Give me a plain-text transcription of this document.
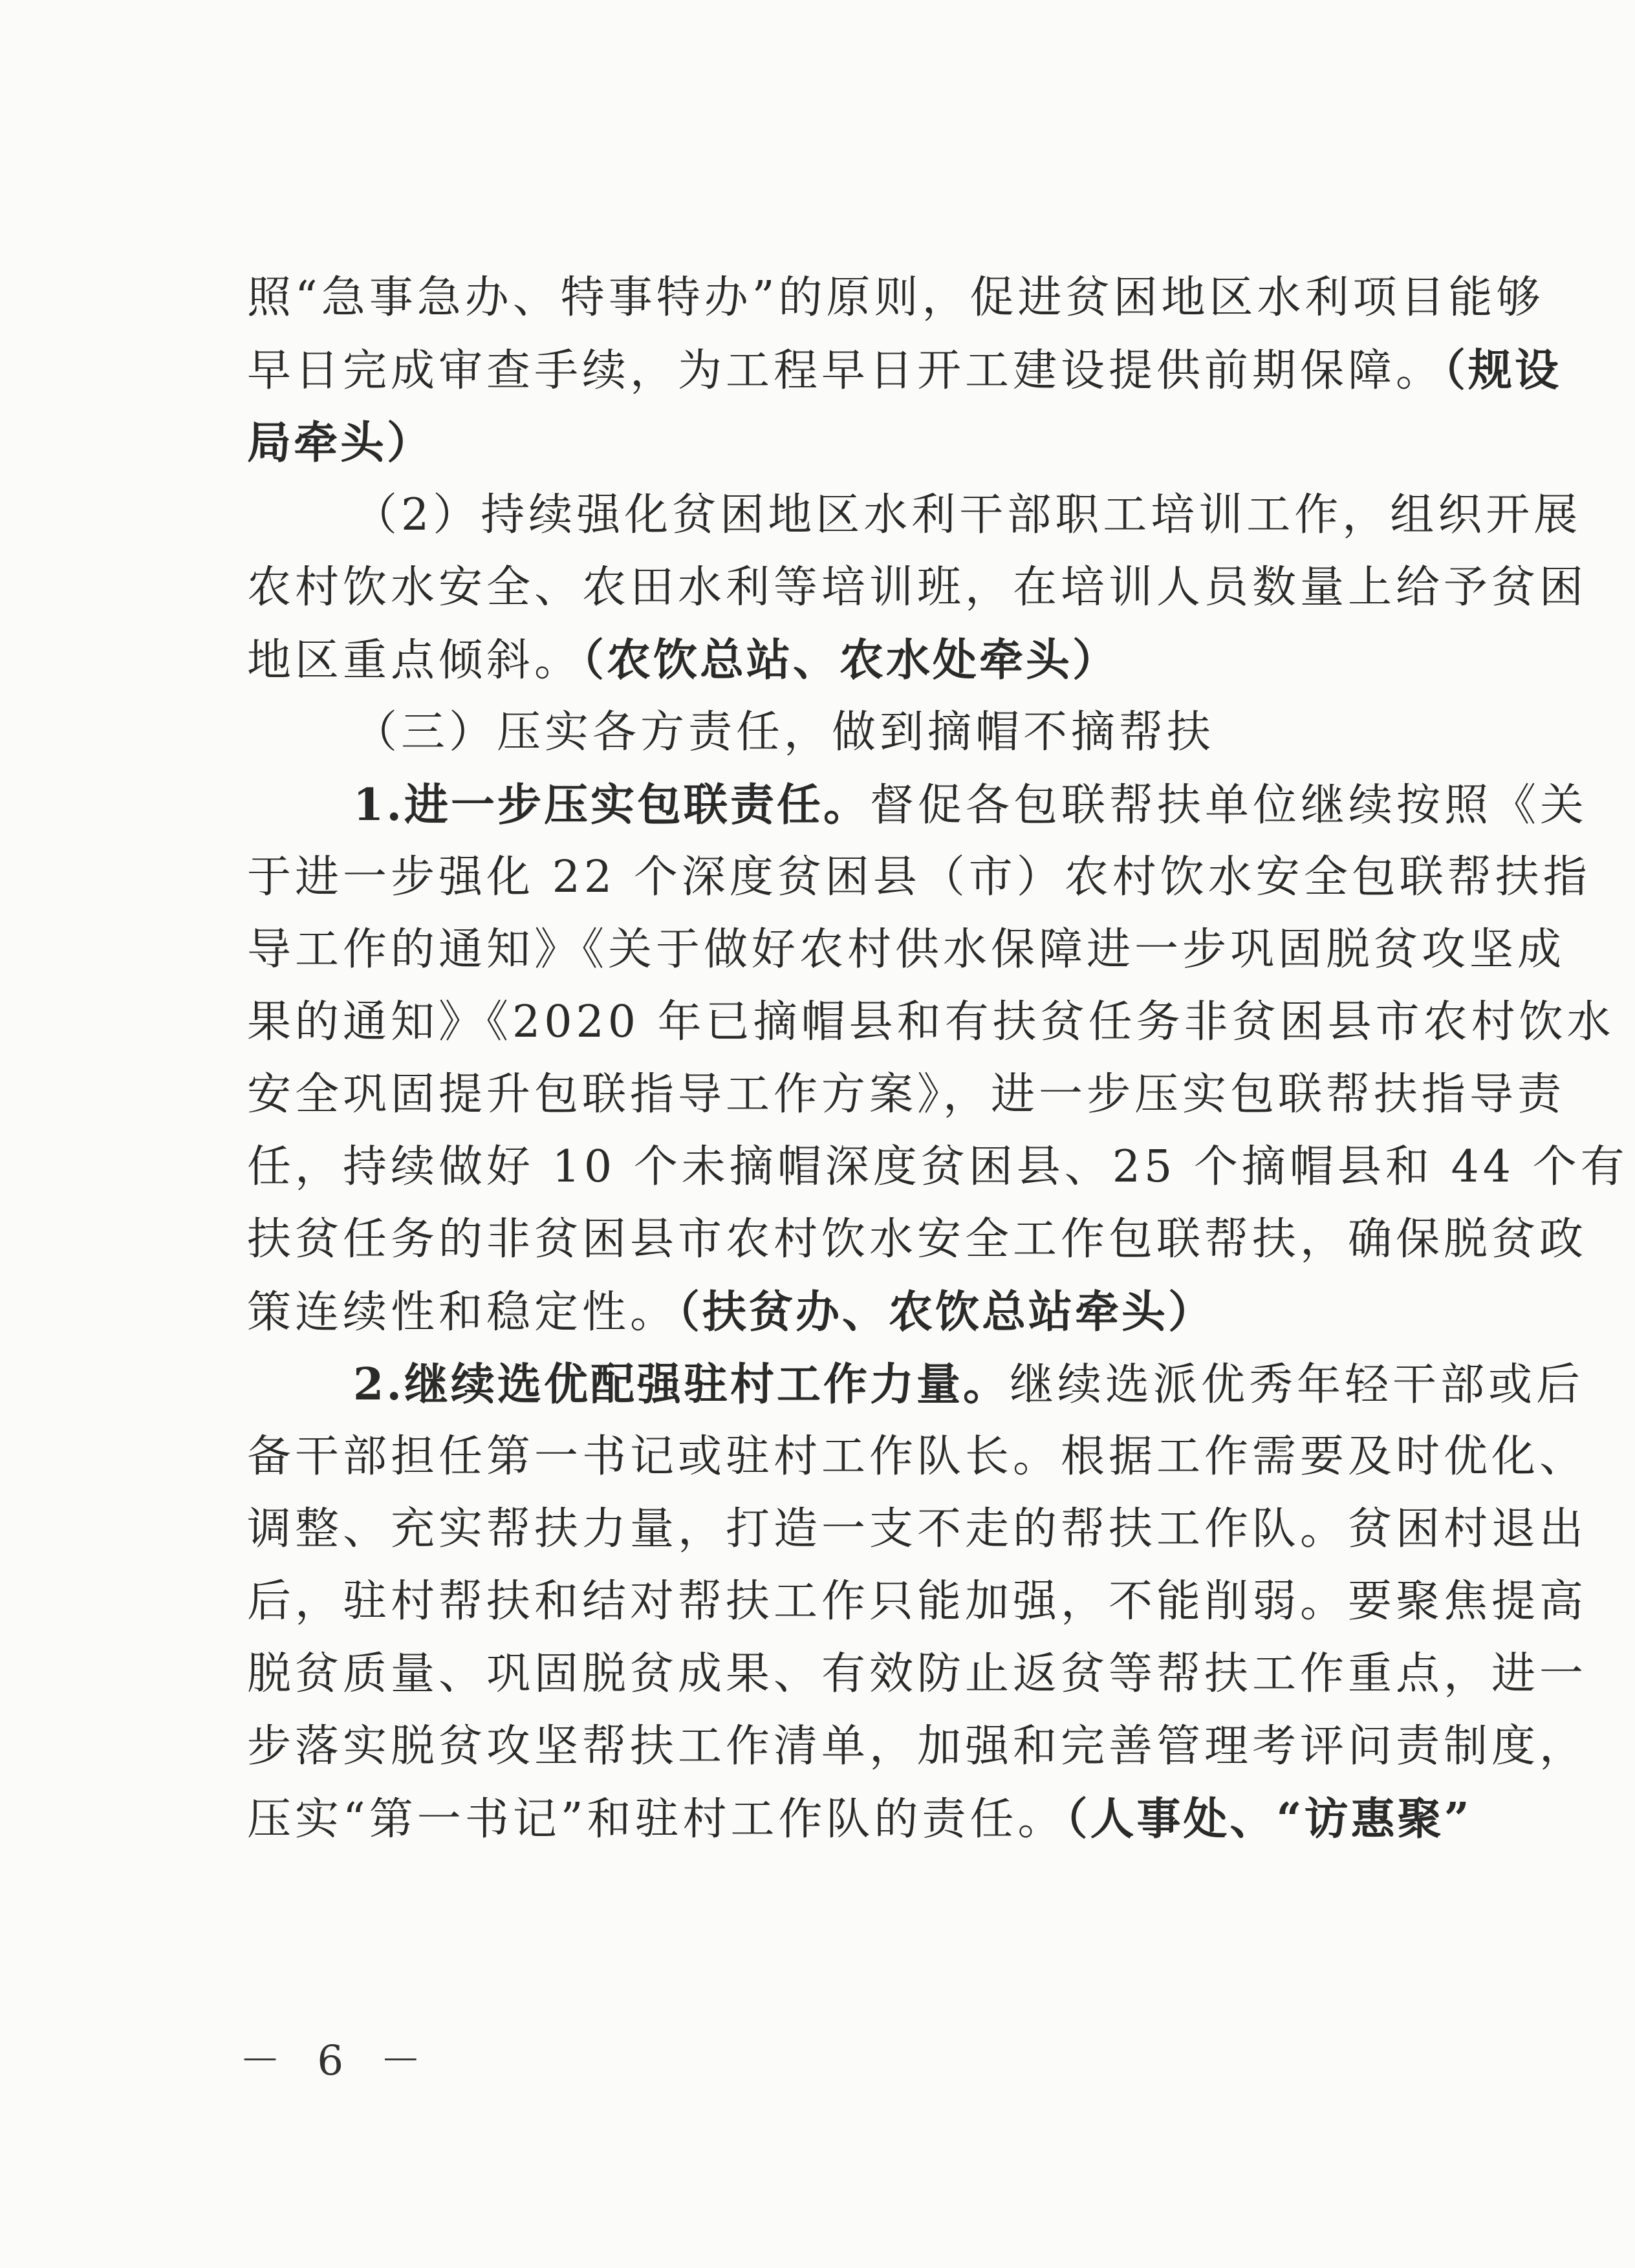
照“急事急办、特事特办”的原则，促进贫困地区水利项目能够
早日完成审查手续，为工程早日开工建设提供前期保障。（规设
局牵头）
（2）持续强化贫困地区水利干部职工培训工作，组织开展
农村饮水安全、农田水利等培训班，在培训人员数量上给予贫困
地区重点倾斜。（农饮总站、农水处牵头）
（三）压实各方责任，做到摘帽不摘帮扶
1.进一步压实包联责任。督促各包联帮扶单位继续按照《关
于进一步强化 22 个深度贫困县（市）农村饮水安全包联帮扶指
导工作的通知》《关于做好农村供水保障进一步巩固脱贫攻坚成
果的通知》《2020 年已摘帽县和有扶贫任务非贫困县市农村饮水
安全巩固提升包联指导工作方案》，进一步压实包联帮扶指导责
任，持续做好 10 个未摘帽深度贫困县、25 个摘帽县和 44 个有
扶贫任务的非贫困县市农村饮水安全工作包联帮扶，确保脱贫政
策连续性和稳定性。（扶贫办、农饮总站牵头）
2.继续选优配强驻村工作力量。继续选派优秀年轻干部或后
备干部担任第一书记或驻村工作队长。根据工作需要及时优化、
调整、充实帮扶力量，打造一支不走的帮扶工作队。贫困村退出
后，驻村帮扶和结对帮扶工作只能加强，不能削弱。要聚焦提高
脱贫质量、巩固脱贫成果、有效防止返贫等帮扶工作重点，进一
步落实脱贫攻坚帮扶工作清单，加强和完善管理考评问责制度，
压实“第一书记”和驻村工作队的责任。（人事处、“访惠聚”
－ 6 －
